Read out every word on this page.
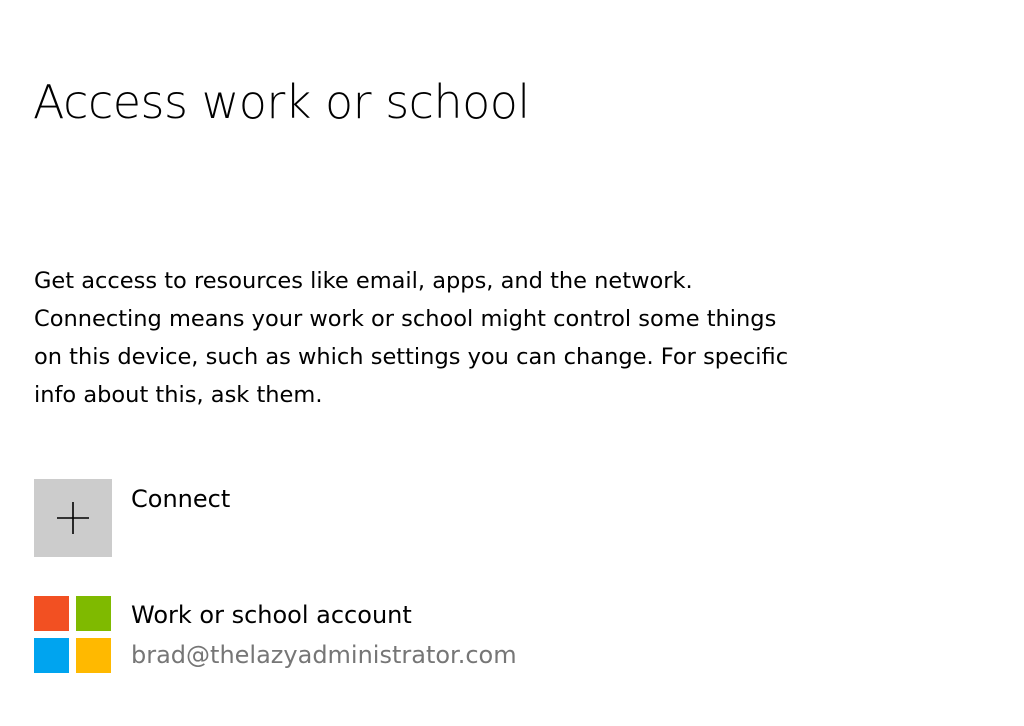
Access work or school

Get access to resources like email, apps, and the network.

Connecting means your work or school might control some things

on this device, such as which settings you can change. For specific

info about this, ask them.

Connect
Work or school account
brad@thelazyadministrator.com
